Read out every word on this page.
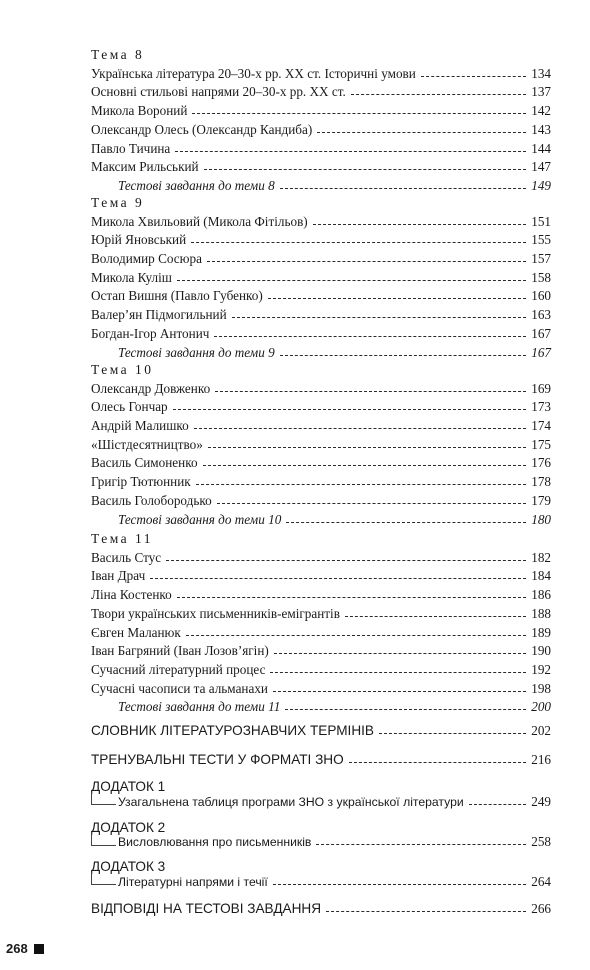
Тема 8
Українська література 20–30-х рр. ХХ ст. Історичні умови	134
Основні стильові напрями 20–30-х рр. ХХ ст.	137
Микола Вороний	142
Олександр Олесь (Олександр Кандиба)	143
Павло Тичина	144
Максим Рильський	147
Тестові завдання до теми 8	149
Тема 9
Микола Хвильовий (Микола Фітільов)	151
Юрій Яновський	155
Володимир Сосюра	157
Микола Куліш	158
Остап Вишня (Павло Губенко)	160
Валер’ян Підмогильний	163
Богдан-Ігор Антонич	167
Тестові завдання до теми 9	167
Тема 10
Олександр Довженко	169
Олесь Гончар	173
Андрій Малишко	174
«Шістдесятництво»	175
Василь Симоненко	176
Григір Тютюнник	178
Василь Голобородько	179
Тестові завдання до теми 10	180
Тема 11
Василь Стус	182
Іван Драч	184
Ліна Костенко	186
Твори українських письменників-емігрантів	188
Євген Маланюк	189
Іван Багряний (Іван Лозов’ягін)	190
Сучасний літературний процес	192
Сучасні часописи та альманахи	198
Тестові завдання до теми 11	200
СЛОВНИК ЛІТЕРАТУРОЗНАВЧИХ ТЕРМІНІВ	202
ТРЕНУВАЛЬНІ ТЕСТИ У ФОРМАТІ ЗНО	216
ДОДАТОК 1
Узагальнена таблиця програми ЗНО з української літератури	249
ДОДАТОК 2
Висловлювання про письменників	258
ДОДАТОК 3
Літературні напрями і течії	264
ВІДПОВІДІ НА ТЕСТОВІ ЗАВДАННЯ	266
268
